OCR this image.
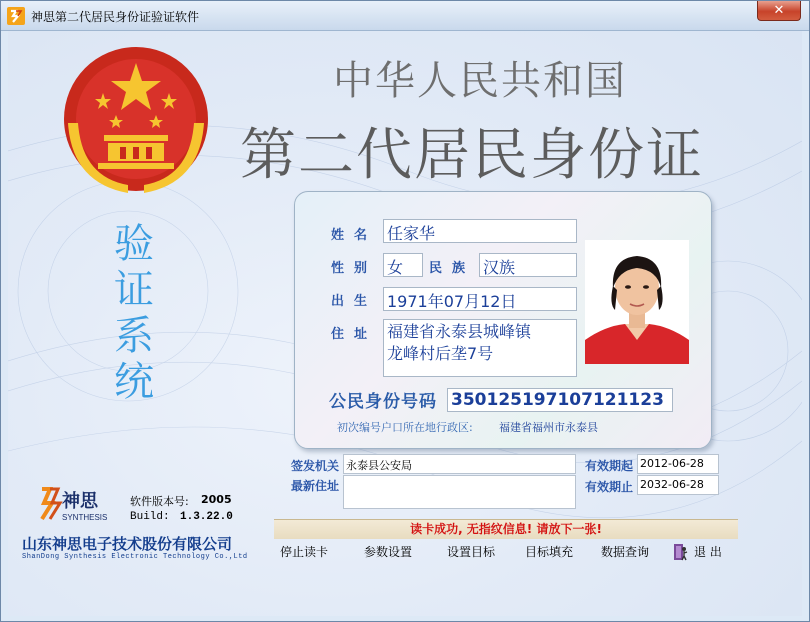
神思第二代居民身份证验证软件	✕
验
证
系
统
中华人民共和国
第二代居民身份证
姓名 任家华
性别 女	民族 汉族
出生 1971年07月12日
住址 福建省永泰县城峰镇
龙峰村后垄7号
公民身份号码 350125197107121123
初次编号户口所在地行政区: 福建省福州市永泰县
签发机关 永泰县公安局
最新住址
有效期起 2012-06-28
有效期止 2032-06-28
神思
SYNTHESIS
软件版本号: 2005
Build: 1.3.22.0
山东神思电子技术股份有限公司
ShanDong Synthesis Electronic Technology Co.,Ltd
读卡成功, 无指纹信息! 请放下一张!
停止读卡	参数设置	设置目标 目标填充 数据查询	退 出
